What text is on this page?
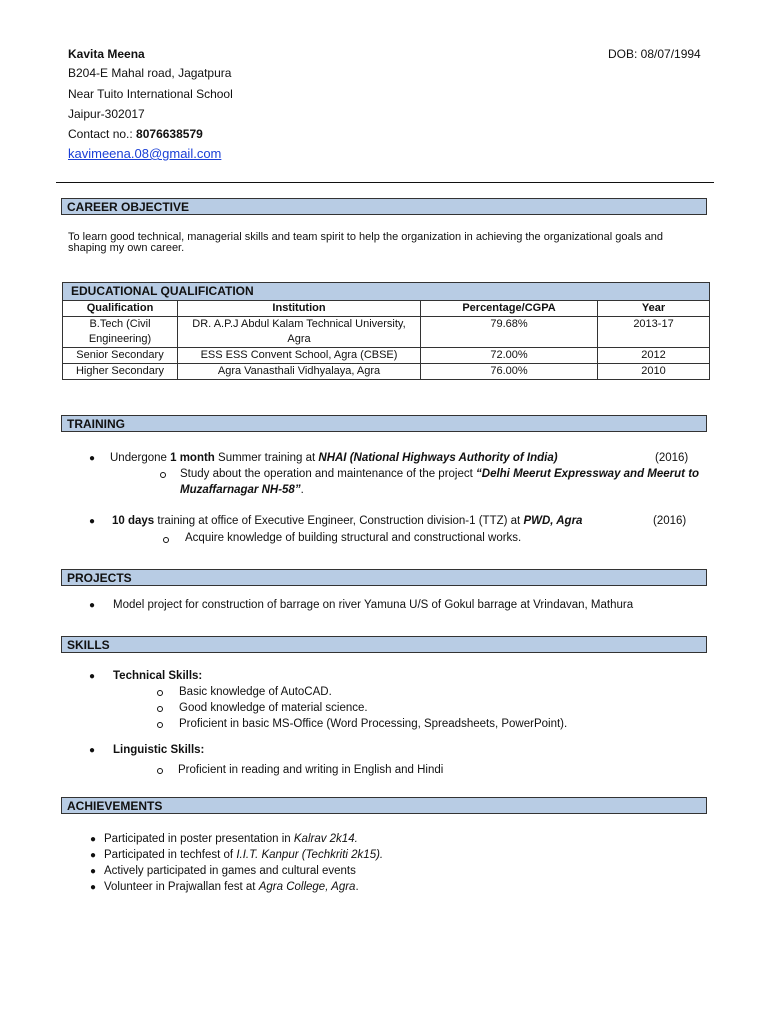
Kavita Meena	DOB: 08/07/1994
B204-E Mahal road, Jagatpura
Near Tuito International School
Jaipur-302017
Contact no.: 8076638579
kavimeena.08@gmail.com
CAREER OBJECTIVE
To learn good technical, managerial skills and team spirit to help the organization in achieving the organizational goals and shaping my own career.
EDUCATIONAL QUALIFICATION			
Qualification	Institution	Percentage/CGPA	Year
B.Tech (Civil Engineering)	DR. A.P.J Abdul Kalam Technical University, Agra	79.68%	2013-17
Senior Secondary	ESS ESS Convent School, Agra (CBSE)	72.00%	2012
Higher Secondary	Agra Vanasthali Vidhyalaya, Agra	76.00%	2010
TRAINING
● Undergone 1 month Summer training at NHAI (National Highways Authority of India)	(2016)
Study about the operation and maintenance of the project “Delhi Meerut Expressway and Meerut to
Muzaffarnagar NH-58”.
● 10 days training at office of Executive Engineer, Construction division-1 (TTZ) at PWD, Agra	(2016)
Acquire knowledge of building structural and constructional works.
PROJECTS
● Model project for construction of barrage on river Yamuna U/S of Gokul barrage at Vrindavan, Mathura
SKILLS
● Technical Skills:
Basic knowledge of AutoCAD.
Good knowledge of material science.
Proficient in basic MS-Office (Word Processing, Spreadsheets, PowerPoint).
● Linguistic Skills:
Proficient in reading and writing in English and Hindi
ACHIEVEMENTS
● Participated in poster presentation in Kalrav 2k14.
● Participated in techfest of I.I.T. Kanpur (Techkriti 2k15).
● Actively participated in games and cultural events
● Volunteer in Prajwallan fest at Agra College, Agra.
